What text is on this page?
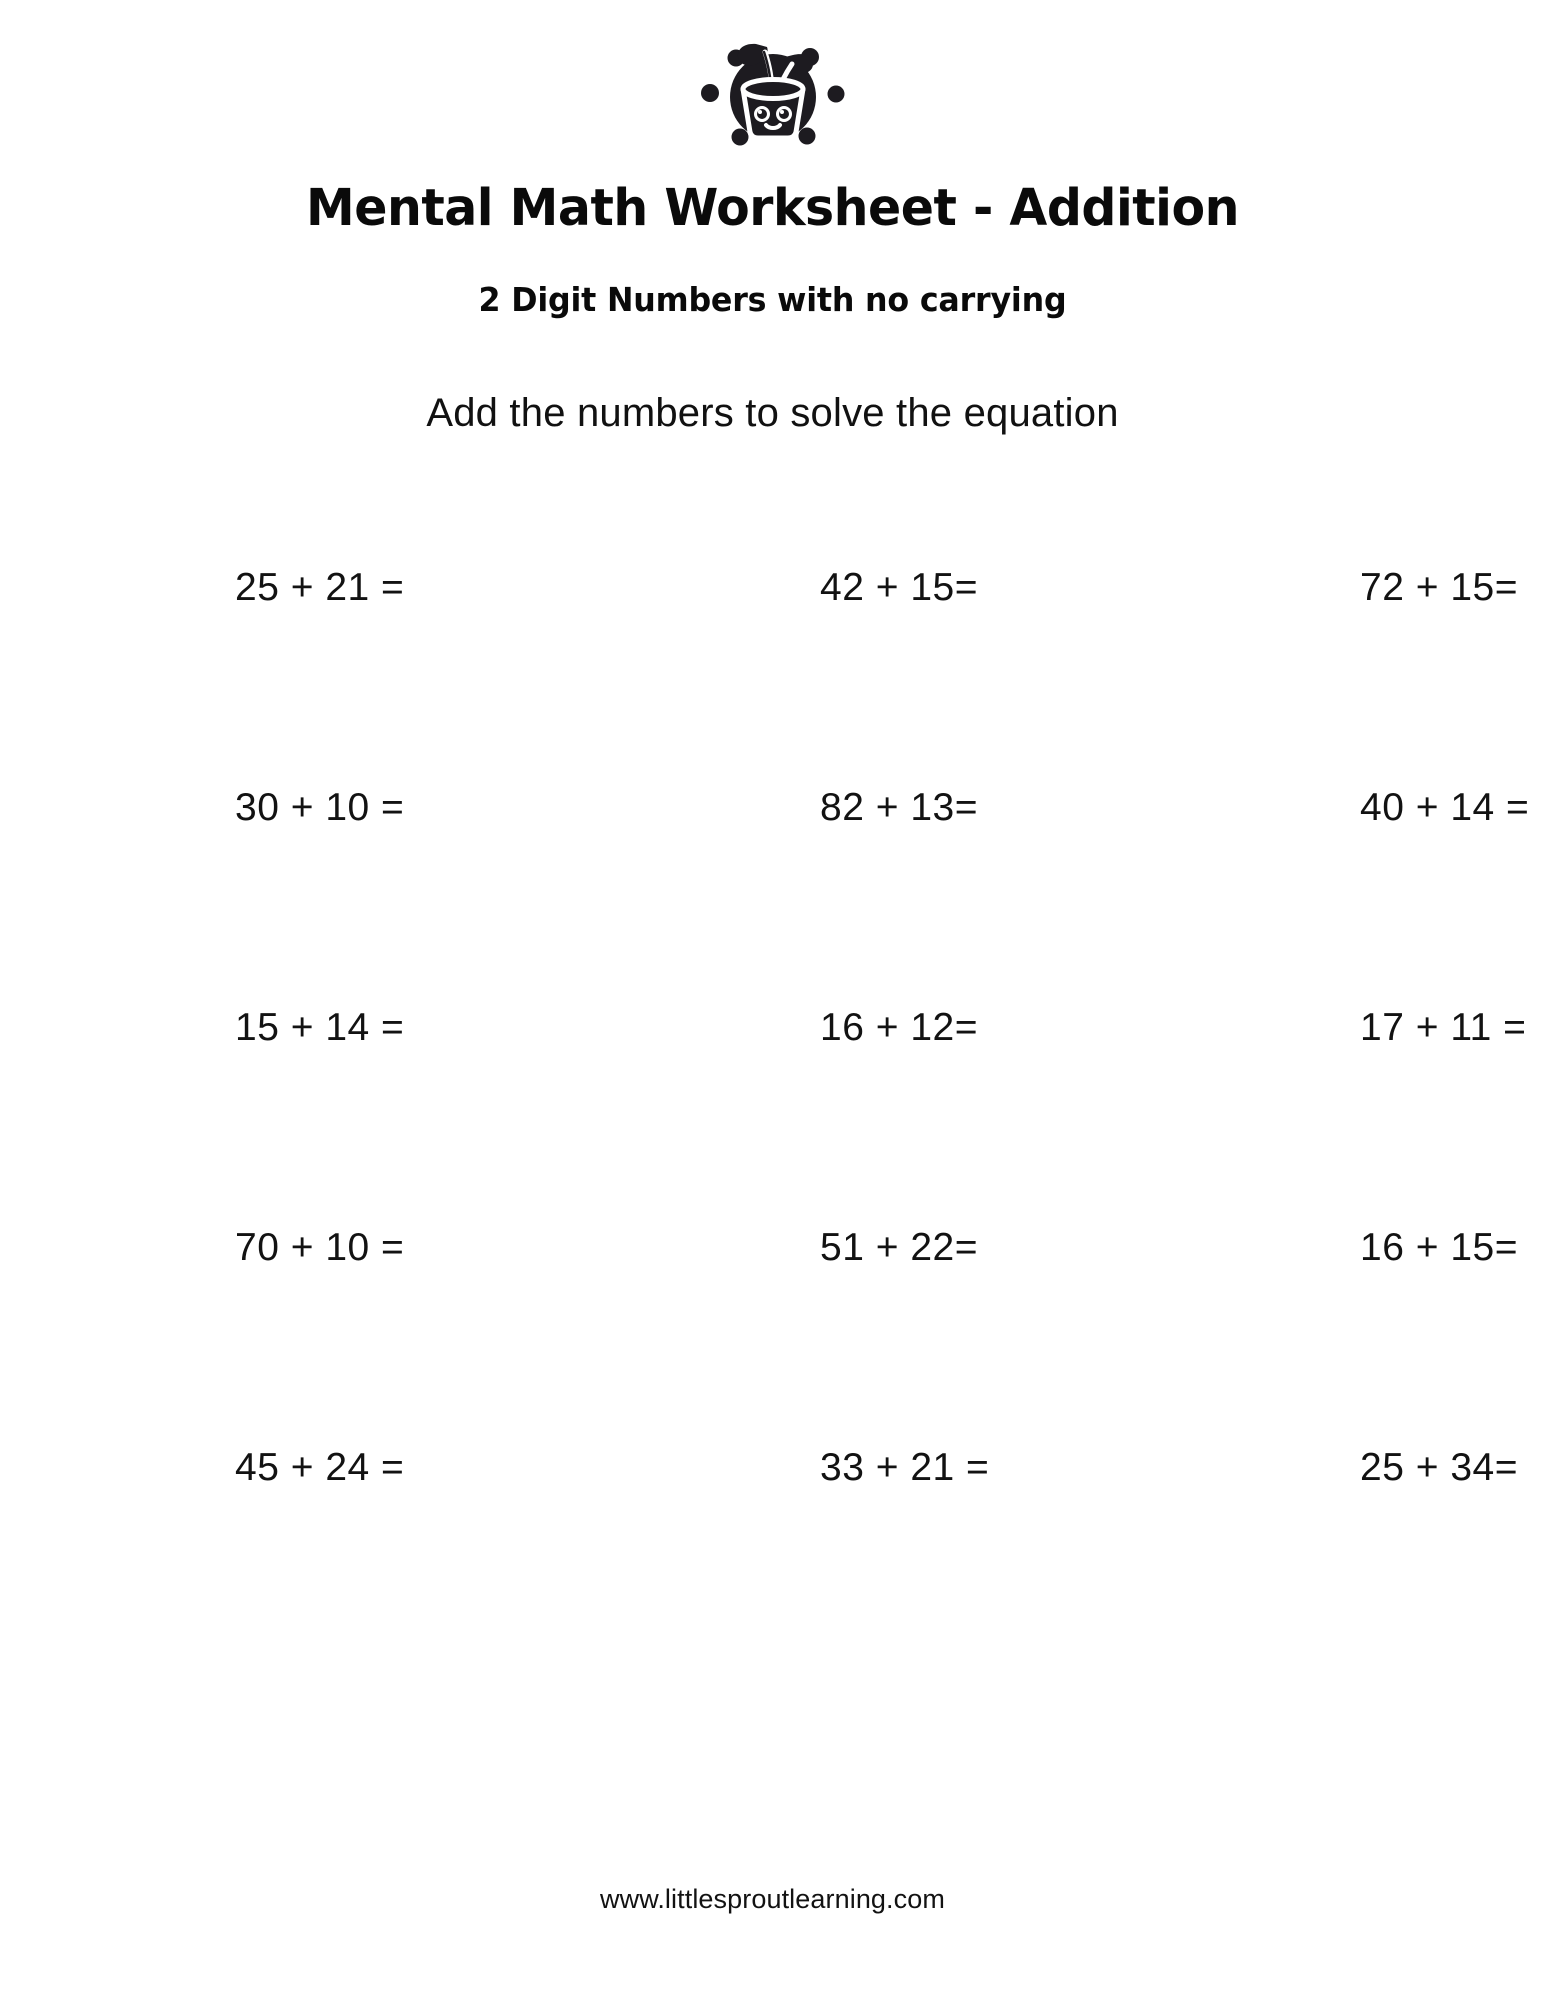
Mental Math Worksheet - Addition
2 Digit Numbers with no carrying

Add the numbers to solve the equation

25 + 21 =	42 + 15=	72 + 15=
30 + 10 =	82 + 13=	40 + 14 =
15 + 14 =	16 + 12=	17 + 11 =
70 + 10 =	51 + 22=	16 + 15=
45 + 24 =	33 + 21 =	25 + 34=
www.littlesproutlearning.com
